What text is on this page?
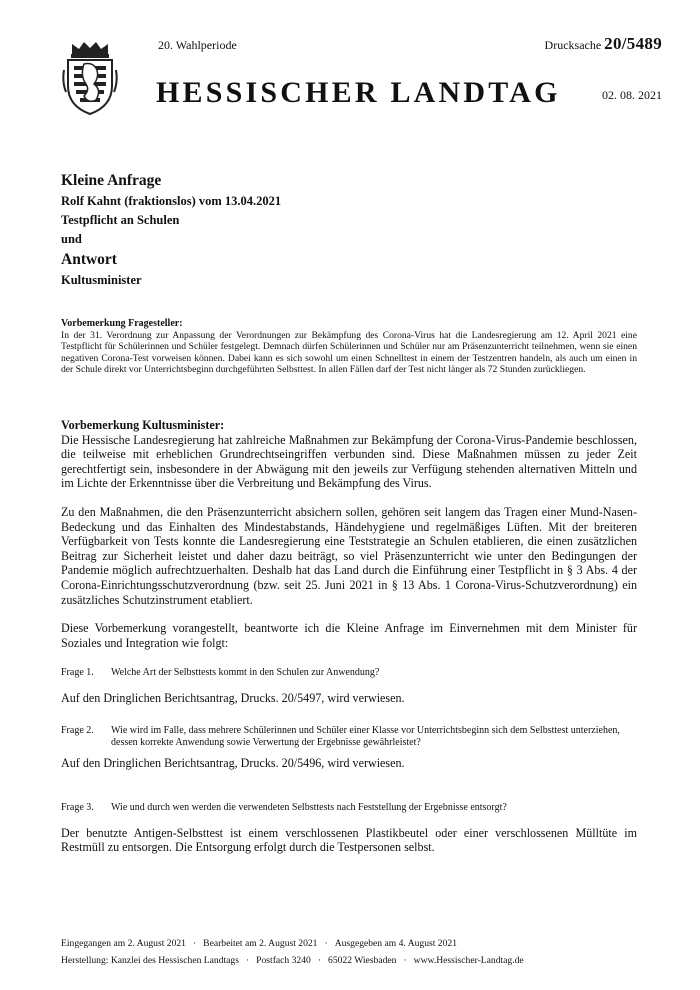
20. Wahlperiode	Drucksache 20/5489
HESSISCHER LANDTAG	02. 08. 2021
Kleine Anfrage
Rolf Kahnt (fraktionslos) vom 13.04.2021
Testpflicht an Schulen
und
Antwort
Kultusminister
Vorbemerkung Fragesteller:

In der 31. Verordnung zur Anpassung der Verordnungen zur Bekämpfung des Corona-Virus hat die Landesregierung am 12. April 2021 eine Testpflicht für Schülerinnen und Schüler festgelegt. Demnach dürfen Schülerinnen und Schüler nur am Präsenzunterricht teilnehmen, wenn sie einen negativen Corona-Test vorweisen können. Dabei kann es sich sowohl um einen Schnelltest in einem der Testzentren handeln, als auch um einen in der Schule direkt vor Unterrichtsbeginn durchgeführten Selbsttest. In allen Fällen darf der Test nicht länger als 72 Stunden zurückliegen.

Vorbemerkung Kultusminister:

Die Hessische Landesregierung hat zahlreiche Maßnahmen zur Bekämpfung der Corona-Virus-Pandemie beschlossen, die teilweise mit erheblichen Grundrechtseingriffen verbunden sind. Diese Maßnahmen müssen zu jeder Zeit gerechtfertigt sein, insbesondere in der Abwägung mit den jeweils zur Verfügung stehenden alternativen Mitteln und im Lichte der Erkenntnisse über die Verbreitung und Bekämpfung des Virus.

Zu den Maßnahmen, die den Präsenzunterricht absichern sollen, gehören seit langem das Tragen einer Mund-Nasen-Bedeckung und das Einhalten des Mindestabstands, Händehygiene und regelmäßiges Lüften. Mit der breiteren Verfügbarkeit von Tests konnte die Landesregierung eine Teststrategie an Schulen etablieren, die einen zusätzlichen Beitrag zur Sicherheit leistet und daher dazu beiträgt, so viel Präsenzunterricht wie unter den Bedingungen der Pandemie möglich aufrechtzuerhalten. Deshalb hat das Land durch die Einführung einer Testpflicht in § 3 Abs. 4 der Corona-Einrichtungsschutzverordnung (bzw. seit 25. Juni 2021 in § 13 Abs. 1 Corona-Virus-Schutzverordnung) ein zusätzliches Schutzinstrument etabliert.

Diese Vorbemerkung vorangestellt, beantworte ich die Kleine Anfrage im Einvernehmen mit dem Minister für Soziales und Integration wie folgt:

Frage 1.	Welche Art der Selbsttests kommt in den Schulen zur Anwendung?
Auf den Dringlichen Berichtsantrag, Drucks. 20/5497, wird verwiesen.
Frage 2.	Wie wird im Falle, dass mehrere Schülerinnen und Schüler einer Klasse vor Unterrichtsbeginn sich dem Selbsttest unterziehen, dessen korrekte Anwendung sowie Verwertung der Ergebnisse gewährleistet?
Auf den Dringlichen Berichtsantrag, Drucks. 20/5496, wird verwiesen.
Frage 3.	Wie und durch wen werden die verwendeten Selbsttests nach Feststellung der Ergebnisse entsorgt?
Der benutzte Antigen-Selbsttest ist einem verschlossenen Plastikbeutel oder einer verschlossenen Mülltüte im Restmüll zu entsorgen. Die Entsorgung erfolgt durch die Testpersonen selbst.
Eingegangen am 2. August 2021 · Bearbeitet am 2. August 2021 · Ausgegeben am 4. August 2021
Herstellung: Kanzlei des Hessischen Landtags · Postfach 3240 · 65022 Wiesbaden · www.Hessischer-Landtag.de
